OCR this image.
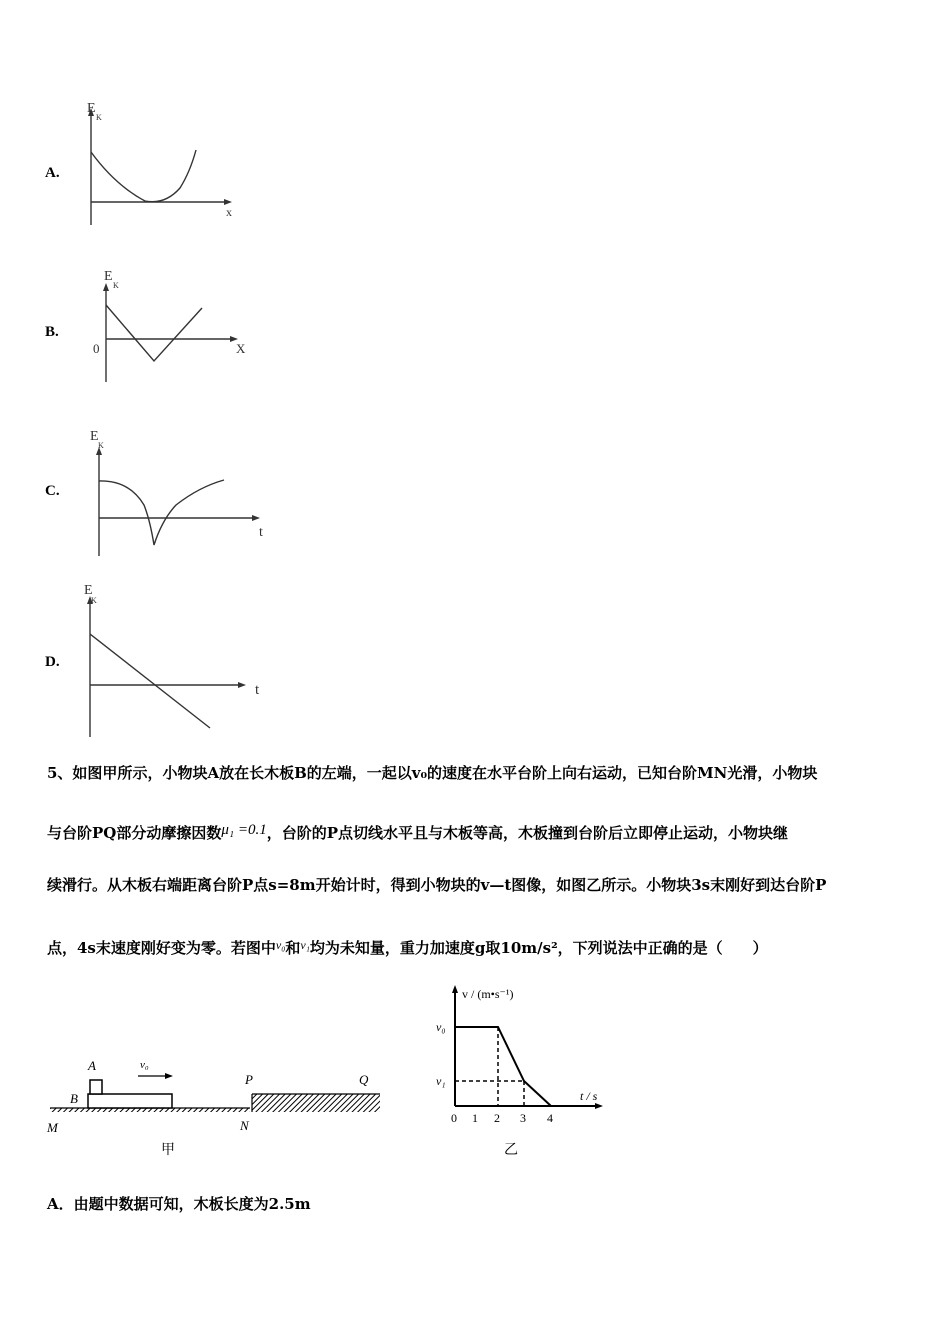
A.
E
K
x
B.
E
K
0	X
C.
E
K
t
D.
E
K
t
5、如图甲所示，小物块A放在长木板B的左端，一起以v₀的速度在水平台阶上向右运动，已知台阶MN光滑，小物块
与台阶PQ部分动摩擦因数μ₁ =0.1，台阶的P点切线水平且与木板等高，木板撞到台阶后立即停止运动，小物块继
续滑行。从木板右端距离台阶P点s=8m开始计时，得到小物块的v—t图像，如图乙所示。小物块3s末刚好到达台阶P
点，4s末速度刚好变为零。若图中$^{v_0}$和$^{v_1}$均为未知量，重力加速度g取10m/s²，下列说法中正确的是（　　）
A
B
v₀
P	Q
M	N
甲
v / (m•s⁻¹)
t / s
v₀
v₁
0 1 2 3 4
乙
A．由题中数据可知，木板长度为2.5m
